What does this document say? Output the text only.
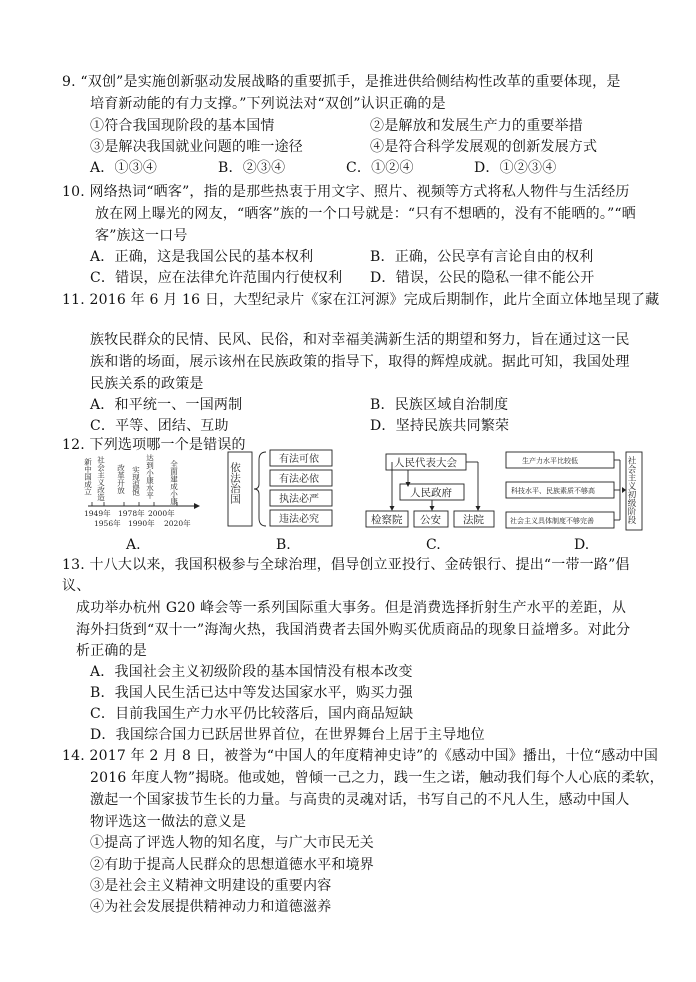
9. “双创”是实施创新驱动发展战略的重要抓手，是推进供给侧结构性改革的重要体现，是
培育新动能的有力支撑。”下列说法对“双创”认识正确的是
①符合我国现阶段的基本国情	②是解放和发展生产力的重要举措
③是解决我国就业问题的唯一途径	④是符合科学发展观的创新发展方式
A．①③④	B．②③④	C．①②④	D．①②③④
10. 网络热词“晒客”，指的是那些热衷于用文字、照片、视频等方式将私人物件与生活经历
放在网上曝光的网友，“晒客”族的一个口号就是：“只有不想晒的，没有不能晒的。”“晒
客”族这一口号
A．正确，这是我国公民的基本权利	B．正确，公民享有言论自由的权利
C．错误，应在法律允许范围内行使权利 D．错误，公民的隐私一律不能公开
11. 2016 年 6 月 16 日，大型纪录片《家在江河源》完成后期制作，此片全面立体地呈现了藏
族牧民群众的民情、民风、民俗，和对幸福美满新生活的期望和努力，旨在通过这一民
族和谐的场面，展示该州在民族政策的指导下，取得的辉煌成就。据此可知，我国处理
民族关系的政策是
A．和平统一、一国两制	B．民族区域自治制度
C．平等、团结、互助	D．坚持民族共同繁荣
12. 下列选项哪一个是错误的
新中国成立 社会主义改造 改革开放 实现温饱 达到小康水平 全面建成小康
1949年 1978年 2000年
1956年 1990年 2020年
依法治国
有法可依
有法必依
执法必严
违法必究
人民代表大会
人民政府
检察院 公安 法院
生产力水平比较低
科技水平、民族素质不够高
社会主义具体制度不够完善	社会主义初级阶段
A.	B.	C.	D.
13. 十八大以来，我国积极参与全球治理，倡导创立亚投行、金砖银行、提出“一带一路”倡
议、
成功举办杭州 G20 峰会等一系列国际重大事务。但是消费选择折射生产水平的差距，从
海外扫货到“双十一”海淘火热，我国消费者去国外购买优质商品的现象日益增多。对此分
析正确的是
A．我国社会主义初级阶段的基本国情没有根本改变
B．我国人民生活已达中等发达国家水平，购买力强
C．目前我国生产力水平仍比较落后，国内商品短缺
D．我国综合国力已跃居世界首位，在世界舞台上居于主导地位
14. 2017 年 2 月 8 日，被誉为“中国人的年度精神史诗”的《感动中国》播出，十位“感动中国
2016 年度人物”揭晓。他或她，曾倾一己之力，践一生之诺，触动我们每个人心底的柔软，
激起一个国家拔节生长的力量。与高贵的灵魂对话，书写自己的不凡人生，感动中国人
物评选这一做法的意义是
①提高了评选人物的知名度，与广大市民无关
②有助于提高人民群众的思想道德水平和境界
③是社会主义精神文明建设的重要内容
④为社会发展提供精神动力和道德滋养
